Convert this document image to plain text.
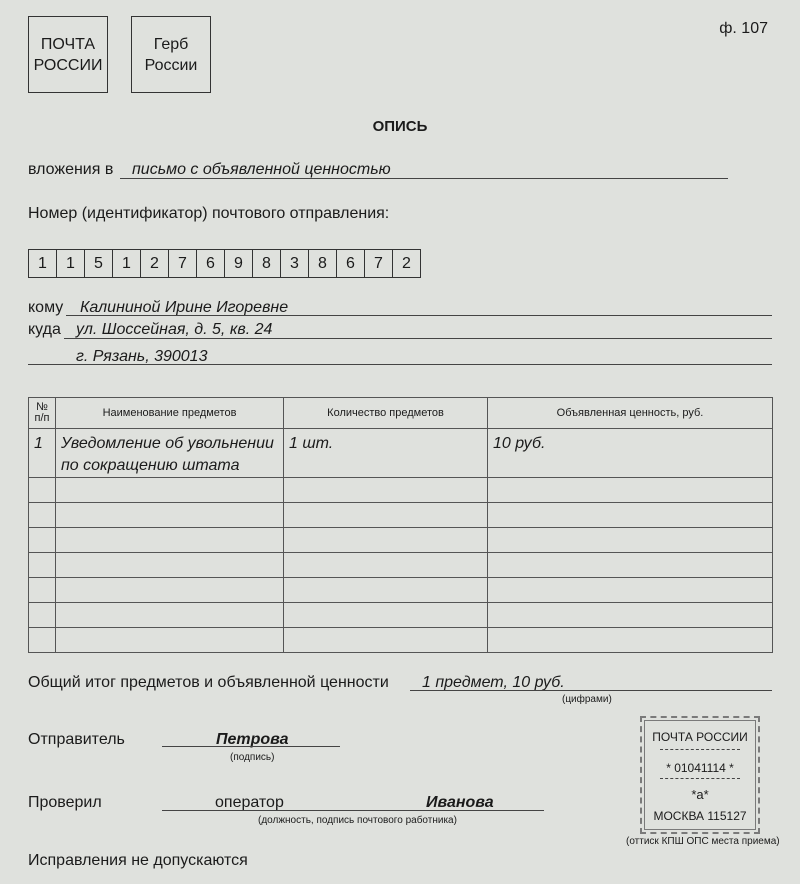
ПОЧТА
РОССИИ
Герб
России
ф. 107
ОПИСЬ
вложения в письмо с объявленной ценностью
Номер (идентификатор) почтового отправления:
1	1	5	1	2	7	6	9	8	3	8	6	7	2
кому Калининой Ирине Игоревне
куда ул. Шоссейная, д. 5, кв. 24
г. Рязань, 390013
№
п/п	Наименование предметов	Количество предметов	Объявленная ценность, руб.
1	Уведомление об увольнении по сокращению штата	1 шт.	10 руб.

Общий итог предметов и объявленной ценности 1 предмет, 10 руб.
(цифрами)
Отправитель	Петрова
(подпись)
Проверил	оператор	Иванова
(должность, подпись почтового работника)
Исправления не допускаются
ПОЧТА РОССИИ
* 01041114 *
*а*
МОСКВА 115127
(оттиск КПШ ОПС места приема)
